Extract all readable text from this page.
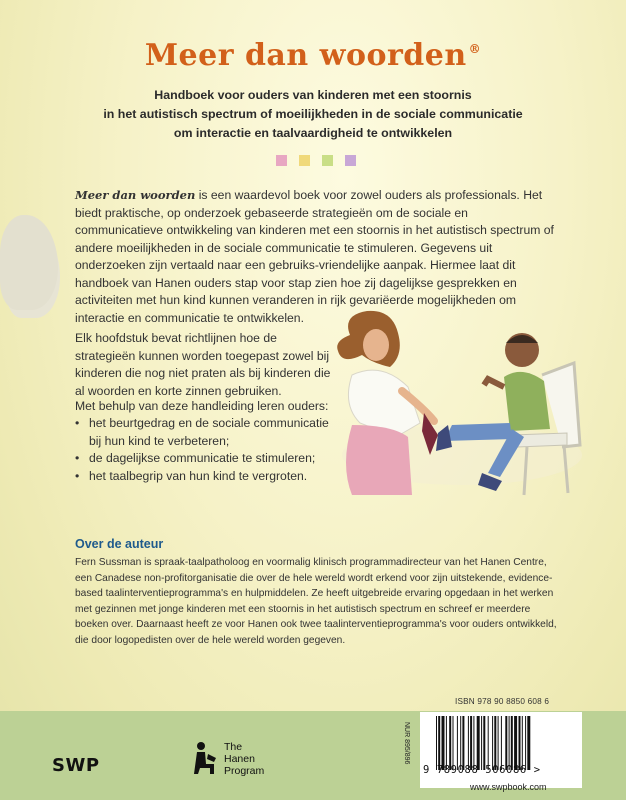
Meer dan woorden ®
Handboek voor ouders van kinderen met een stoornis
in het autistisch spectrum of moeilijkheden in de sociale communicatie
om interactie en taalvaardigheid te ontwikkelen

Meer dan woorden is een waardevol boek voor zowel ouders als professionals. Het biedt praktische, op onderzoek gebaseerde strategieën om de sociale en communicatieve ontwikkeling van kinderen met een stoornis in het autistisch spectrum of andere moeilijkheden in de sociale communicatie te stimuleren. Gegevens uit onderzoeken zijn vertaald naar een gebruiks-vriendelijke aanpak. Hiermee laat dit handboek van Hanen ouders stap voor stap zien hoe zij dagelijkse gesprekken en activiteiten met hun kind kunnen veranderen in rijk gevariëerde mogelijkheden om interactie en communicatie te ontwikkelen.

Elk hoofdstuk bevat richtlijnen hoe de strategieën kunnen worden toegepast zowel bij kinderen die nog niet praten als bij kinderen die al woorden en korte zinnen gebruiken.

Met behulp van deze handleiding leren ouders:

• het beurtgedrag en de sociale communicatie bij hun kind te verbeteren;
• de dagelijkse communicatie te stimuleren;
• het taalbegrip van hun kind te vergroten.
Over de auteur

Fern Sussman is spraak-taalpatholoog en voormalig klinisch programmadirecteur van het Hanen Centre, een Canadese non-profitorganisatie die over de hele wereld wordt erkend voor zijn uitstekende, evidence-based taalinterventieprogramma's en hulpmiddelen. Ze heeft uitgebreide ervaring opgedaan in het werken met gezinnen met jonge kinderen met een stoornis in het autistisch spectrum en schreef er meerdere boeken over. Daarnaast heeft ze voor Hanen ook twee taalinterventieprogramma's voor ouders ontwikkeld, die door logopedisten over de hele wereld worden gegeven.

ISBN 978 90 8850 608 6
SWP
The
Hanen
Program
NUR 895/896
9 789088 506086 >
www.swpbook.com
